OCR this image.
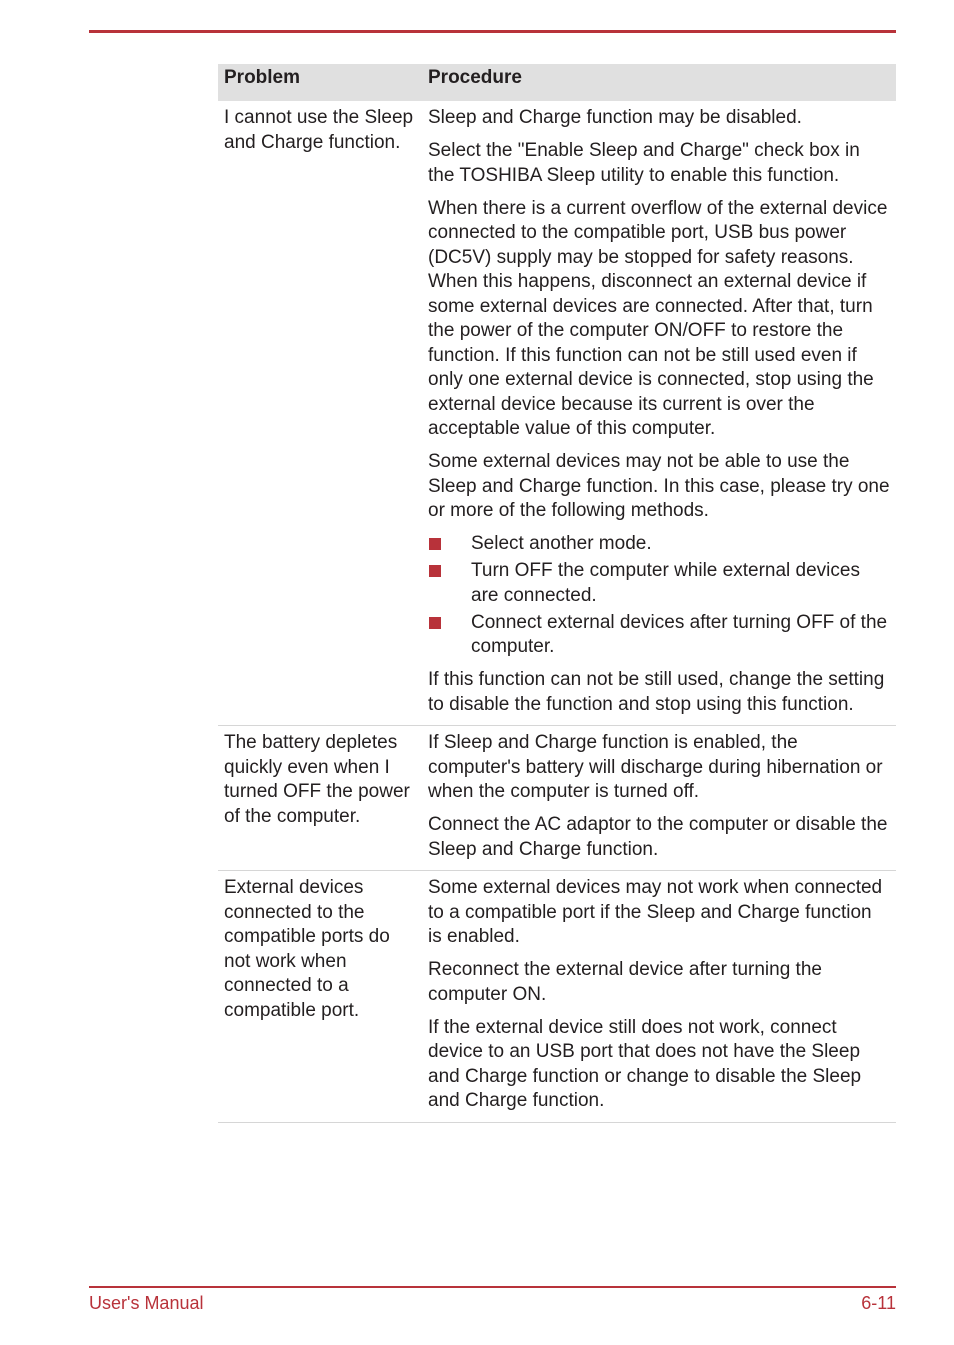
Problem	Procedure

I cannot use the Sleep and Charge function.

Sleep and Charge function may be disabled.

Select the "Enable Sleep and Charge" check box in the TOSHIBA Sleep utility to enable this function.

When there is a current overflow of the external device connected to the compatible port, USB bus power (DC5V) supply may be stopped for safety reasons. When this happens, disconnect an external device if some external devices are connected. After that, turn the power of the computer ON/OFF to restore the function. If this function can not be still used even if only one external device is connected, stop using the external device because its current is over the acceptable value of this computer.

Some external devices may not be able to use the Sleep and Charge function. In this case, please try one or more of the following methods.

Select another mode.
Turn OFF the computer while external devices are connected.
Connect external devices after turning OFF of the computer.

If this function can not be still used, change the setting to disable the function and stop using this function.

The battery depletes quickly even when I turned OFF the power of the computer.

If Sleep and Charge function is enabled, the computer's battery will discharge during hibernation or when the computer is turned off.

Connect the AC adaptor to the computer or disable the Sleep and Charge function.

External devices connected to the compatible ports do not work when connected to a compatible port.

Some external devices may not work when connected to a compatible port if the Sleep and Charge function is enabled.

Reconnect the external device after turning the computer ON.

If the external device still does not work, connect device to an USB port that does not have the Sleep and Charge function or change to disable the Sleep and Charge function.

User's Manual	6-11
